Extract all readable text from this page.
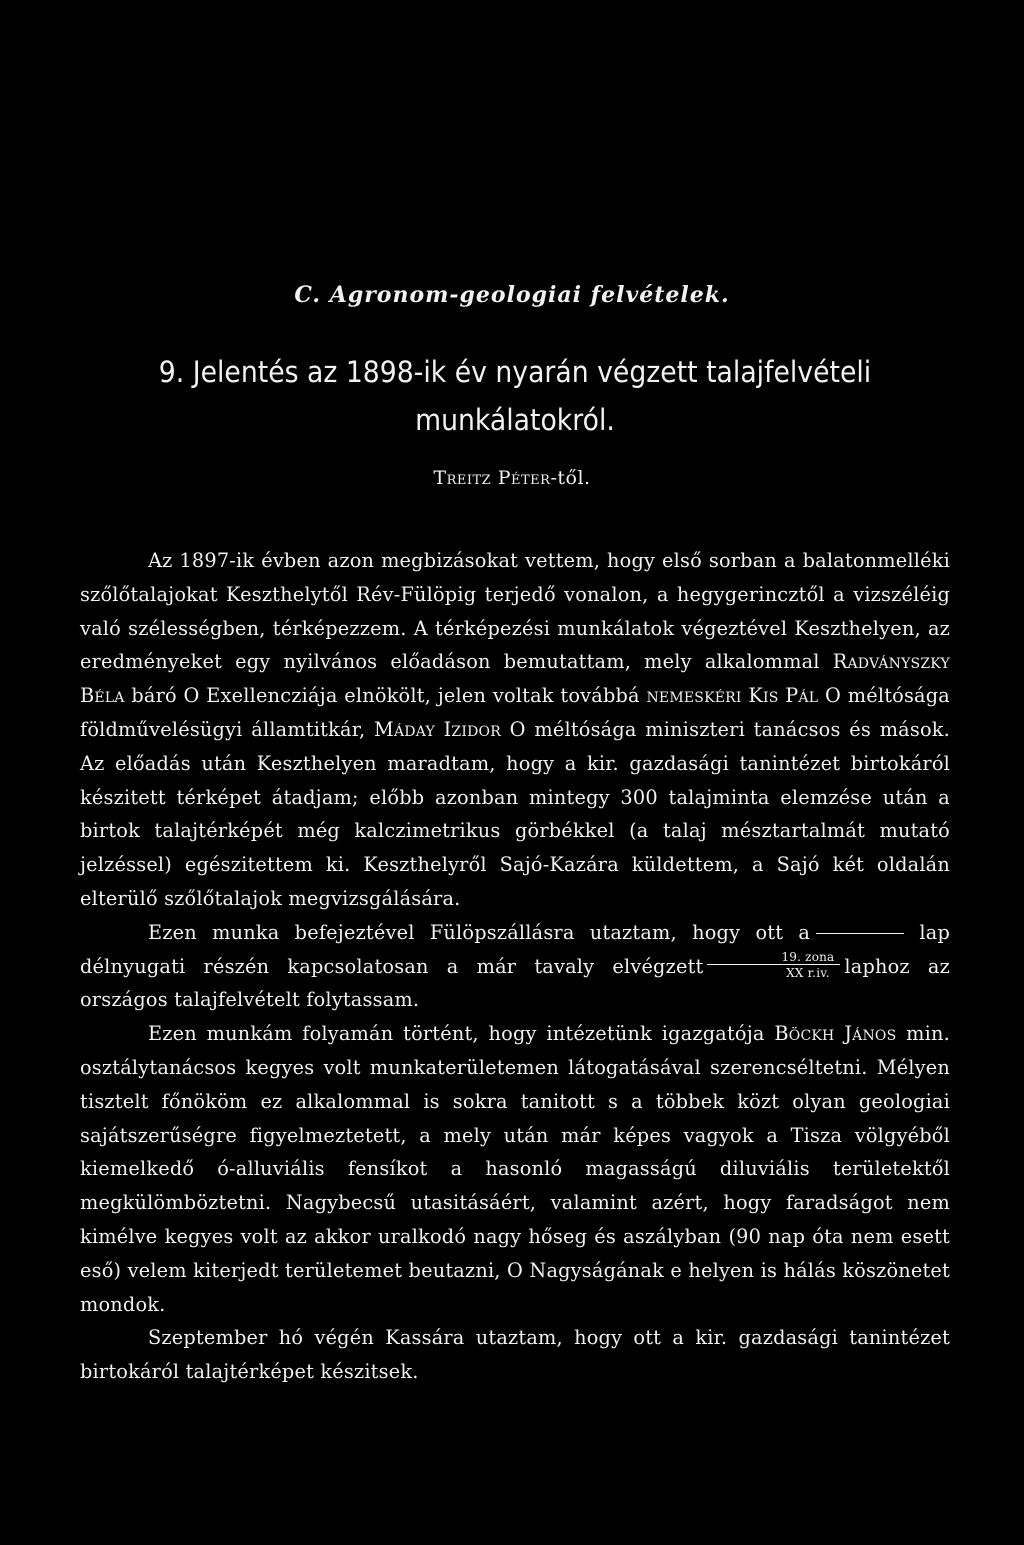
C. Agronom-geologiai felvételek.
9. Jelentés az 1898-ik év nyarán végzett talajfelvételi
munkálatokról.
Treitz Péter-től.

Az 1897-ik évben azon megbizásokat vettem, hogy első sorban a balatonmelléki szőlőtalajokat Keszthelytől Rév-Fülöpig terjedő vonalon, a hegygerincztől a vizszéléig való szélességben, térképezzem. A térképezési munkálatok végeztével Keszthelyen, az eredményeket egy nyilvános előadáson bemutattam, mely alkalommal Radványszky Béla báró O Exellencziája elnökölt, jelen voltak továbbá nemeskéri Kis Pál O méltósága földművelésügyi államtitkár, Máday Izidor O méltósága miniszteri tanácsos és mások. Az előadás után Keszthelyen maradtam, hogy a kir. gazdasági tanintézet birtokáról készitett térképet átadjam; előbb azonban mintegy 300 talajminta elemzése után a birtok talajtérképét még kalczimetrikus görbékkel (a talaj mésztartalmát mutató jelzéssel) egészitettem ki. Keszthelyről Sajó-Kazára küldettem, a Sajó két oldalán elterülő szőlőtalajok megvizsgálására.

Ezen munka befejeztével Fülöpszállásra utaztam, hogy ott a	lap délnyugati részén kapcsolatosan a már tavaly elvégzett $\frac{\text{19. zona}}{\text{XX r.iv.}}$ laphoz az országos talajfelvételt folytassam.

Ezen munkám folyamán történt, hogy intézetünk igazgatója Böckh János min. osztálytanácsos kegyes volt munkaterületemen látogatásával szerencséltetni. Mélyen tisztelt főnököm ez alkalommal is sokra tanitott s a többek közt olyan geologiai sajátszerűségre figyelmeztetett, a mely után már képes vagyok a Tisza völgyéből kiemelkedő ó-alluviális fensíkot a hasonló magasságú diluviális területektől megkülömböztetni. Nagybecsű utasitásáért, valamint azért, hogy faradságot nem kimélve kegyes volt az akkor uralkodó nagy hőseg és aszályban (90 nap óta nem esett eső) velem kiterjedt területemet beutazni, O Nagyságának e helyen is hálás köszönetet mondok.

Szeptember hó végén Kassára utaztam, hogy ott a kir. gazdasági tanintézet birtokáról talajtérképet készitsek.
